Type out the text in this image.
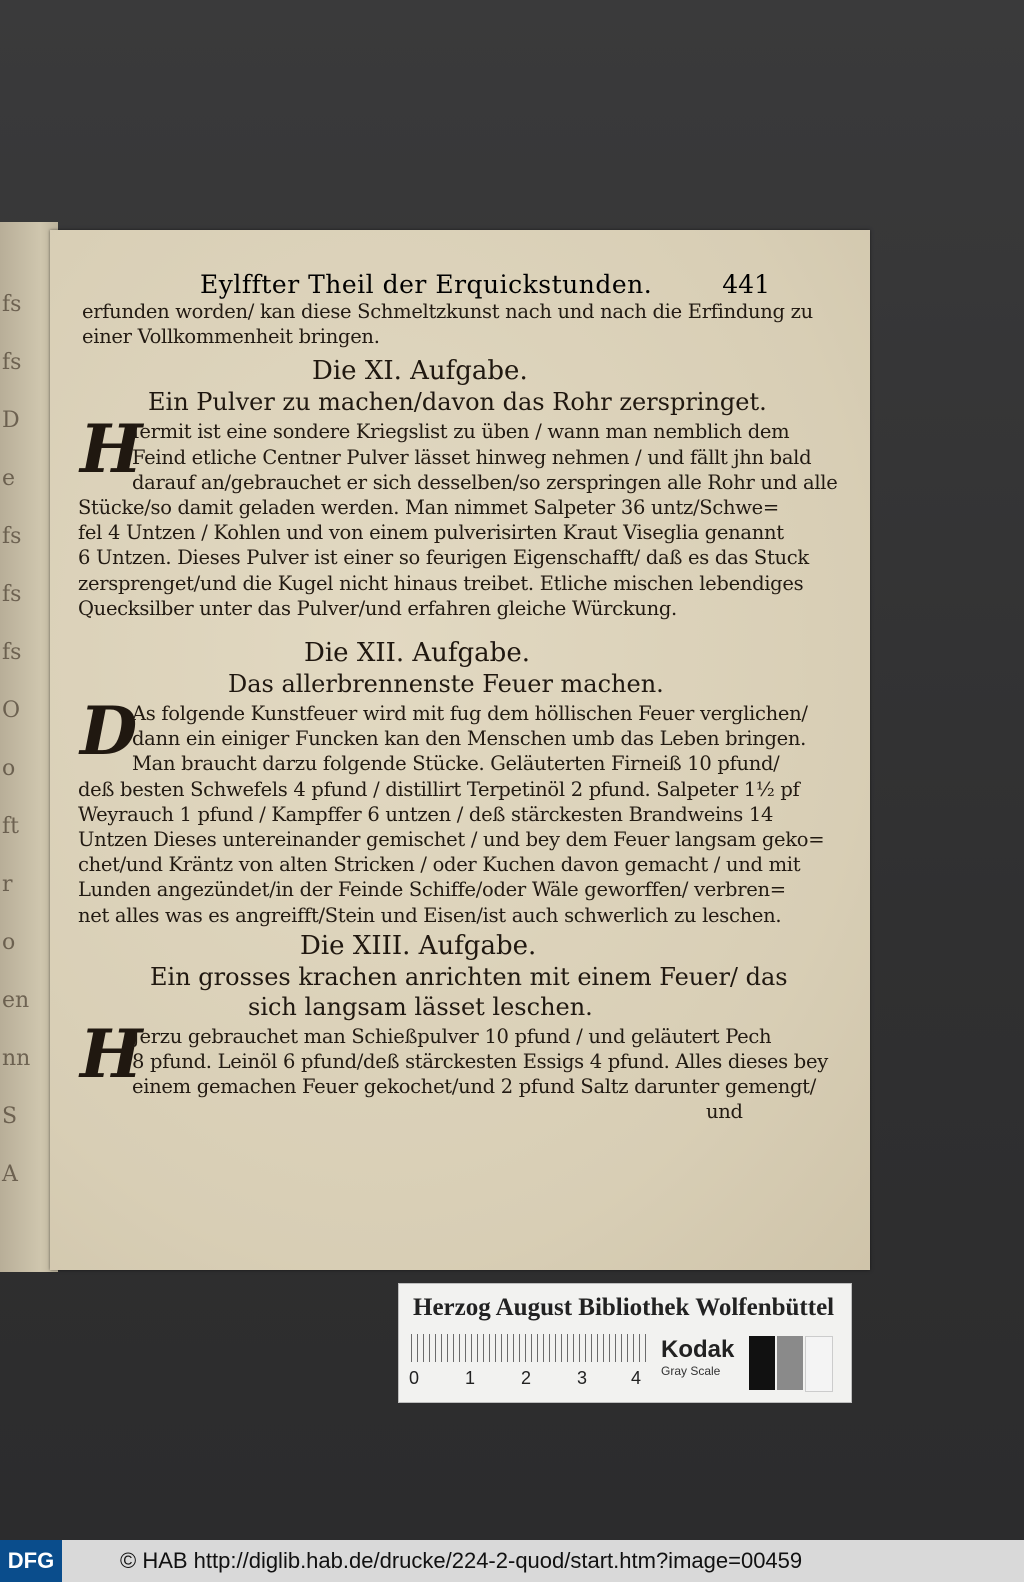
fs
fs
D
e
fs
fs
fs
O
o
ft
r
o
en
nn
S
A
Eylffter Theil der Erquickstunden.	441
erfunden worden/ kan diese Schmeltzkunst nach und nach die Erfindung zu
einer Vollkommenheit bringen.
Die XI. Aufgabe.
Ein Pulver zu machen/davon das Rohr zerspringet.
H
Iermit ist eine sondere Kriegslist zu üben / wann man nemblich dem
Feind etliche Centner Pulver lässet hinweg nehmen / und fällt jhn bald
darauf an/gebrauchet er sich desselben/so zerspringen alle Rohr und alle
Stücke/so damit geladen werden. Man nimmet Salpeter 36 untz/Schwe=
fel 4 Untzen / Kohlen und von einem pulverisirten Kraut Viseglia genannt
6 Untzen. Dieses Pulver ist einer so feurigen Eigenschafft/ daß es das Stuck
zersprenget/und die Kugel nicht hinaus treibet. Etliche mischen lebendiges
Quecksilber unter das Pulver/und erfahren gleiche Würckung.
Die XII. Aufgabe.
Das allerbrennenste Feuer machen.
D
As folgende Kunstfeuer wird mit fug dem höllischen Feuer verglichen/
dann ein einiger Funcken kan den Menschen umb das Leben bringen.
Man braucht darzu folgende Stücke. Geläuterten Firneiß 10 pfund/
deß besten Schwefels 4 pfund / distillirt Terpetinöl 2 pfund. Salpeter 1½ pf
Weyrauch 1 pfund / Kampffer 6 untzen / deß stärckesten Brandweins 14
Untzen Dieses untereinander gemischet / und bey dem Feuer langsam geko=
chet/und Kräntz von alten Stricken / oder Kuchen davon gemacht / und mit
Lunden angezündet/in der Feinde Schiffe/oder Wäle geworffen/ verbren=
net alles was es angreifft/Stein und Eisen/ist auch schwerlich zu leschen.
Die XIII. Aufgabe.
Ein grosses krachen anrichten mit einem Feuer/ das
sich langsam lässet leschen.
H
Jerzu gebrauchet man Schießpulver 10 pfund / und geläutert Pech
8 pfund. Leinöl 6 pfund/deß stärckesten Essigs 4 pfund. Alles dieses bey
einem gemachen Feuer gekochet/und 2 pfund Saltz darunter gemengt/
und
Herzog August Bibliothek Wolfenbüttel
0	1	2	3 4
Kodak
Gray Scale
DFG	© HAB http://diglib.hab.de/drucke/224-2-quod/start.htm?image=00459
